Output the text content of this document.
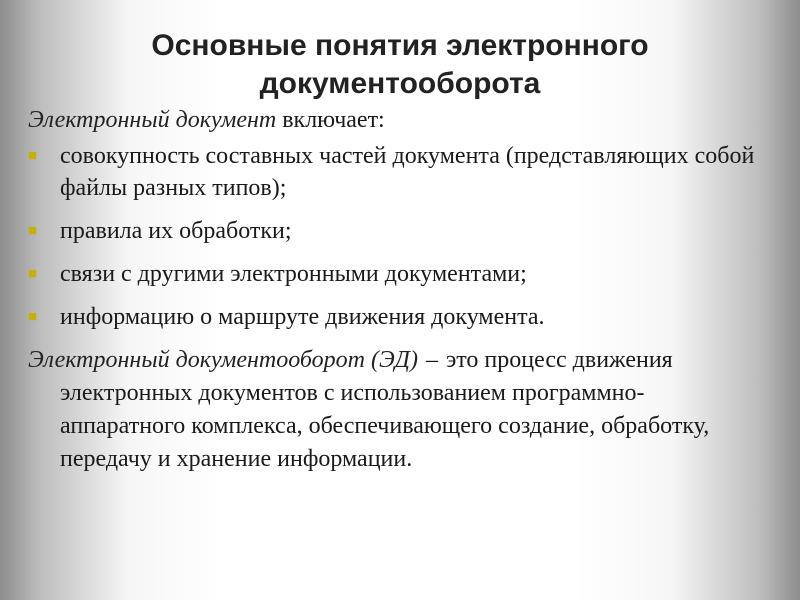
Основные понятия электронного документооборота

Электронный документ включает:

■ совокупность составных частей документа (представляющих собой файлы разных типов);
■ правила их обработки;
■ связи с другими электронными документами;
■ информацию о маршруте движения документа.

Электронный документооборот (ЭД) – это процесс движения электронных документов с использованием программно-аппаратного комплекса, обеспечивающего создание, обработку, передачу и хранение информации.
